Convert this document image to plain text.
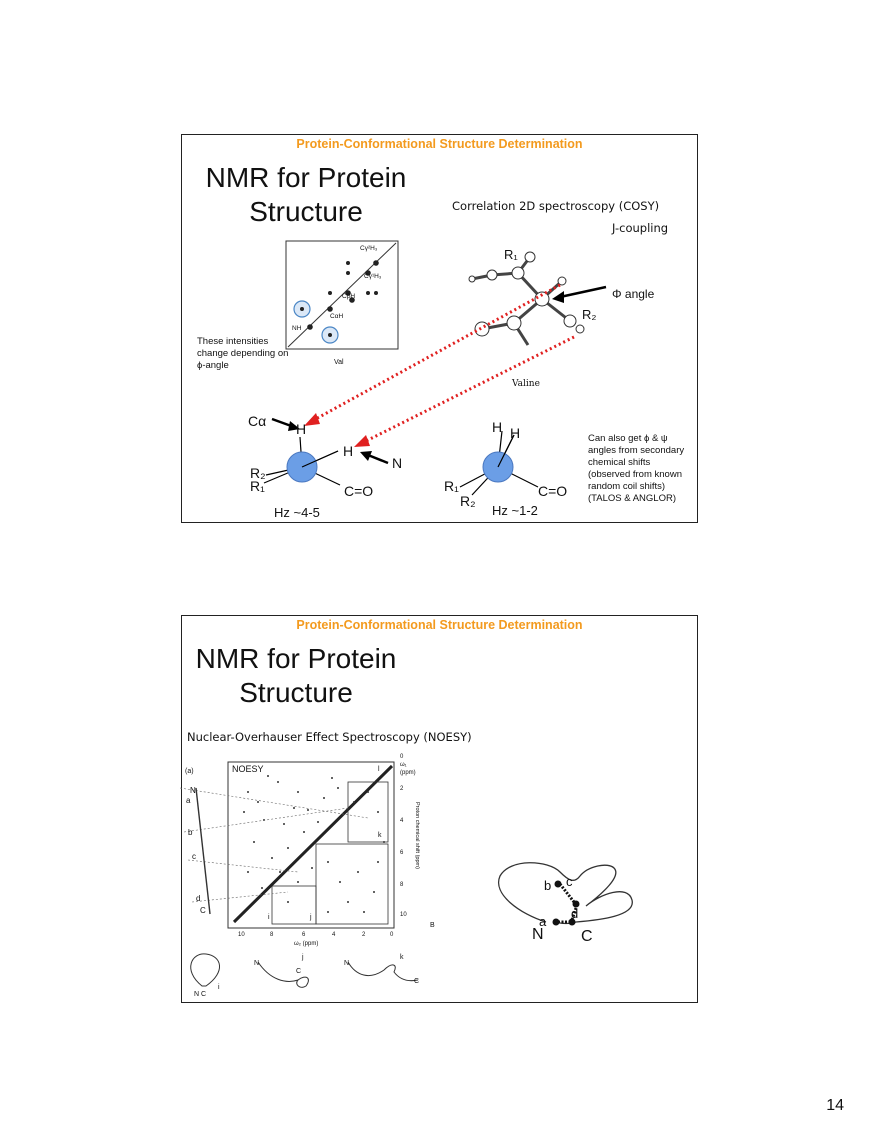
Protein-Conformational Structure Determination
NMR for Protein
Structure	Correlation 2D spectroscopy (COSY)
J-coupling
Cγ²H₃
Cγ¹H₃
CβH
CαH
NH
Val
These intensities change depending on ϕ-angle
R₁
R₂
Φ angle
Valine
Cα H
H
N
R₂
R₁	C=O
Hz ~4-5
H H
R₁
R₂
C=O
Hz ~1-2
Can also get ϕ & ψ angles from secondary chemical shifts (observed from known random coil shifts)(TALOS & ANGLOR)
Protein-Conformational Structure Determination
NMR for Protein
Structure
Nuclear-Overhauser Effect Spectroscopy (NOESY)
(a)	NOESY
B
ω₁
(ppm)
0
2
4
6
8
10
10	8	6	4	2	0
ω₂ (ppm)
Proton chemical shift (ppm)
N
a
b
c
d
C
i	j
k
l
N C
i
j	k
N
C
N
C
N C
a
b c
d
14
